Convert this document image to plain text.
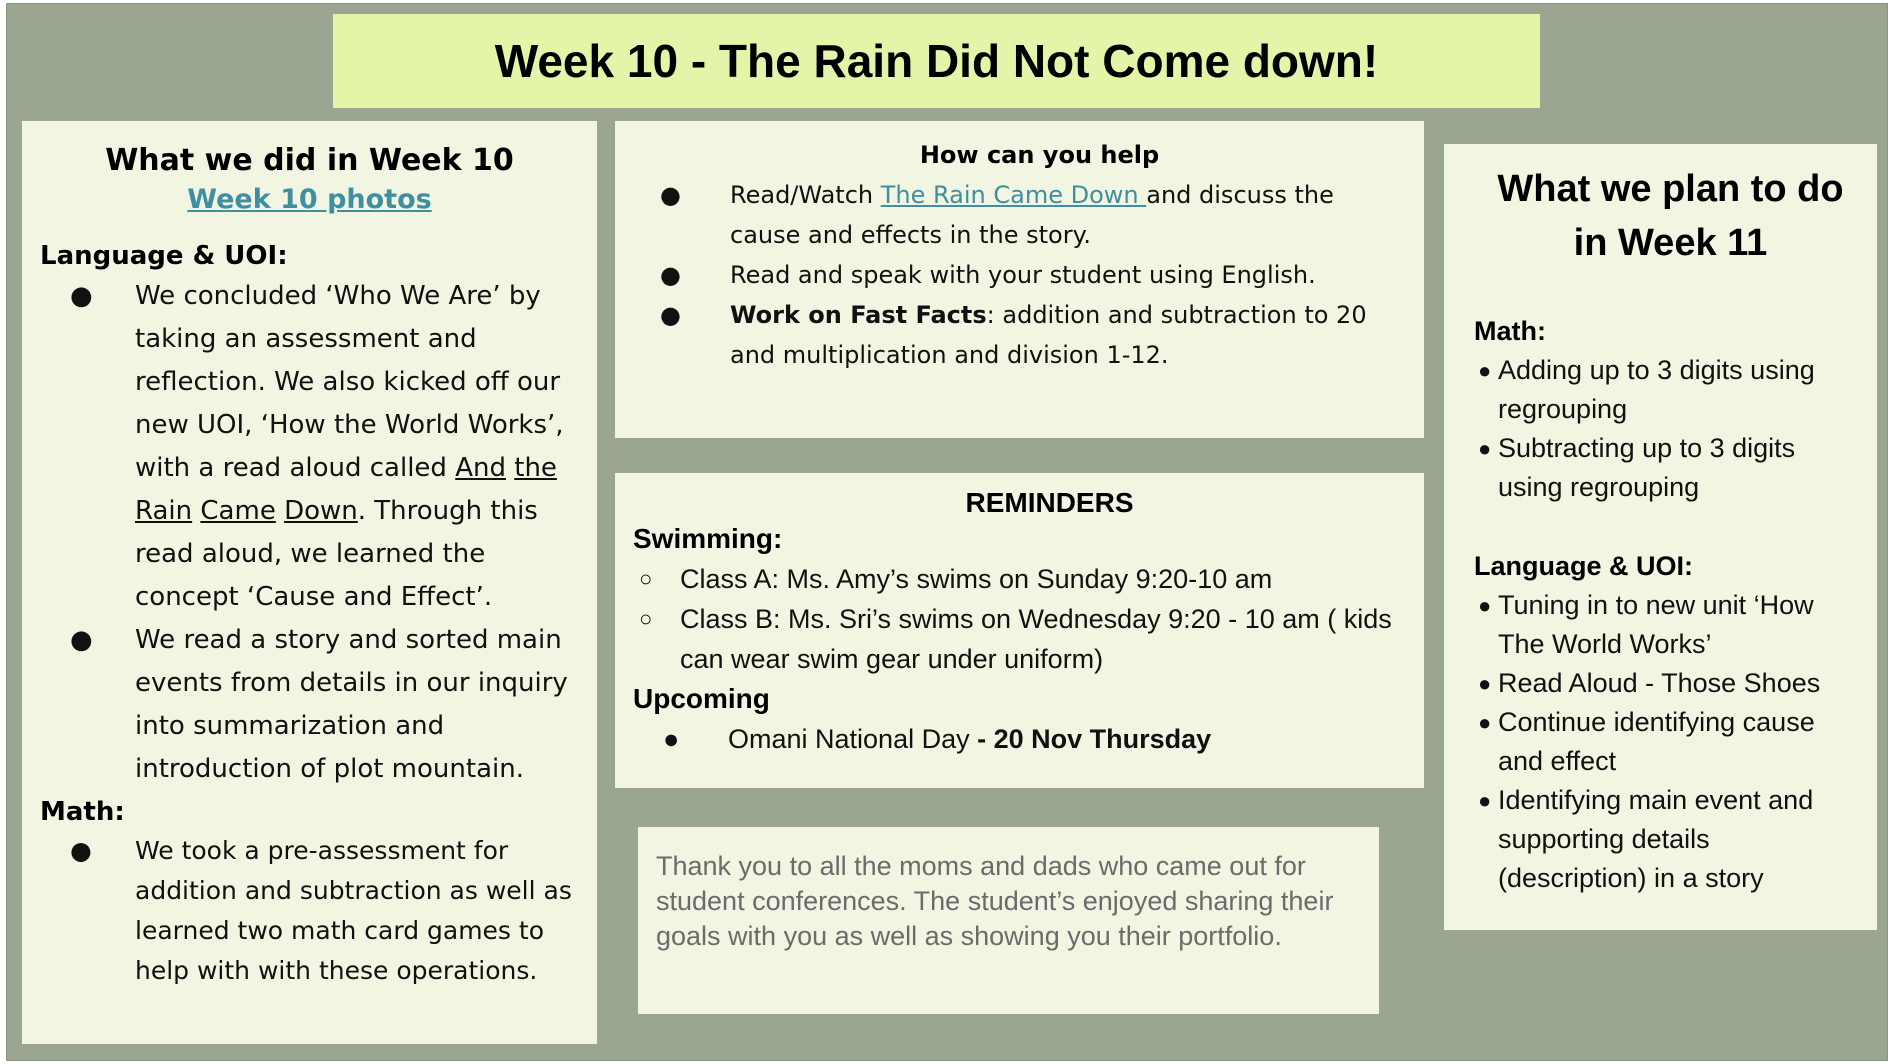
Week 10 - The Rain Did Not Come down!
What we did in Week 10
Week 10 photos
Language & UOI:
● We concluded ‘Who We Are’ by taking an assessment and reflection. We also kicked off our new UOI, ‘How the World Works’, with a read aloud called And the Rain Came Down. Through this read aloud, we learned the concept ‘Cause and Effect’.
● We read a story and sorted main events from details in our inquiry into summarization and introduction of plot mountain.
Math:
● We took a pre-assessment for addition and subtraction as well as learned two math card games to help with with these operations.
How can you help
● Read/Watch The Rain Came Down and discuss the cause and effects in the story.
● Read and speak with your student using English.
● Work on Fast Facts: addition and subtraction to 20 and multiplication and division 1-12.
REMINDERS
Swimming:
○ Class A: Ms. Amy’s swims on Sunday 9:20-10 am
○ Class B: Ms. Sri’s swims on Wednesday 9:20 - 10 am ( kids can wear swim gear under uniform)
Upcoming
● Omani National Day - 20 Nov Thursday

Thank you to all the moms and dads who came out for student conferences. The student’s enjoyed sharing their goals with you as well as showing you their portfolio.

What we plan to do in Week 11
Math:
● Adding up to 3 digits using regrouping
● Subtracting up to 3 digits using regrouping
Language & UOI:
● Tuning in to new unit ‘How The World Works’
● Read Aloud - Those Shoes
● Continue identifying cause and effect
● Identifying main event and supporting details (description) in a story
